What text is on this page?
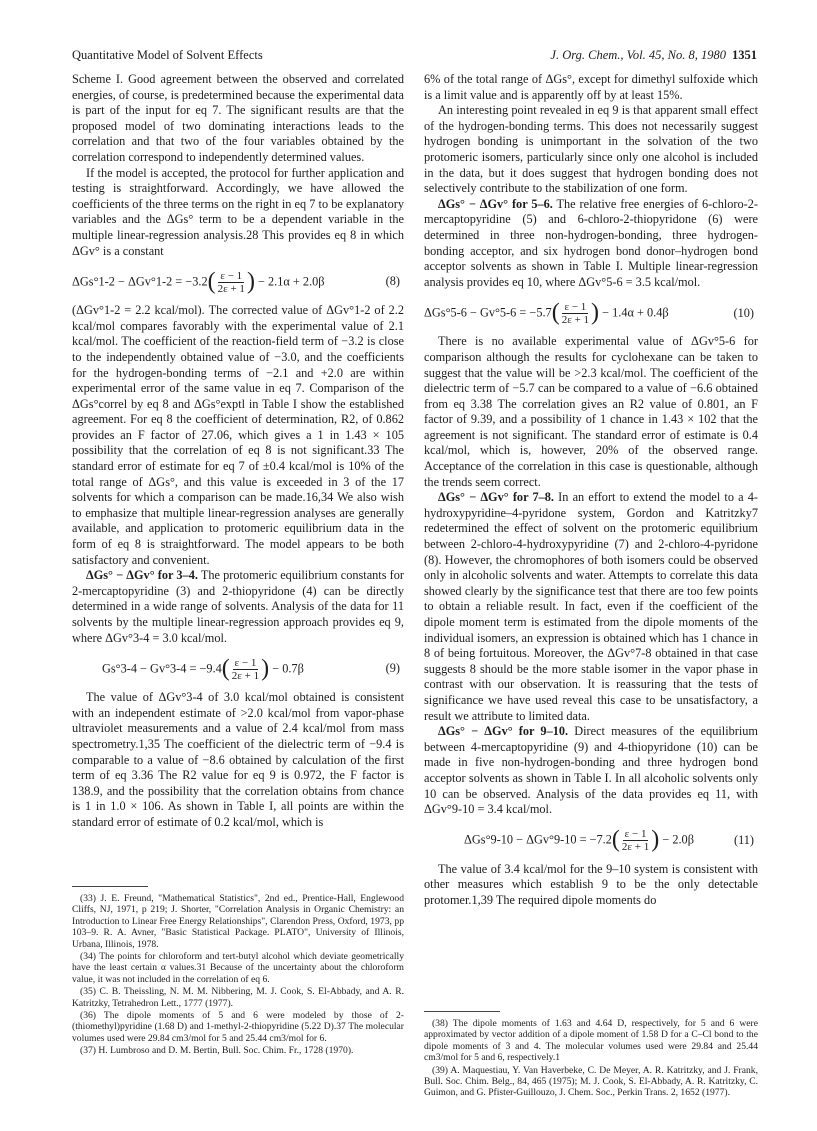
Quantitative Model of Solvent Effects	J. Org. Chem., Vol. 45, No. 8, 1980 1351

Scheme I. Good agreement between the observed and correlated energies, of course, is predetermined because the experimental data is part of the input for eq 7. The significant results are that the proposed model of two dominating interactions leads to the correlation and that two of the four variables obtained by the correlation correspond to independently determined values.

If the model is accepted, the protocol for further application and testing is straightforward. Accordingly, we have allowed the coefficients of the three terms on the right in eq 7 to be explanatory variables and the ΔGs° term to be a dependent variable in the multiple linear-regression analysis.28 This provides eq 8 in which ΔGv° is a constant

$\Delta Gs^\circ 1-2 - \Delta Gv^\circ 1-2 = -3.2( \frac{\varepsilon - 1}{2\varepsilon + 1}$ ) − 2.1α + 2.0β	(8)

(ΔGv°1-2 = 2.2 kcal/mol). The corrected value of ΔGv°1-2 of 2.2 kcal/mol compares favorably with the experimental value of 2.1 kcal/mol. The coefficient of the reaction-field term of −3.2 is close to the independently obtained value of −3.0, and the coefficients for the hydrogen-bonding terms of −2.1 and +2.0 are within experimental error of the same value in eq 7. Comparison of the ΔGs°correl by eq 8 and ΔGs°exptl in Table I show the established agreement. For eq 8 the coefficient of determination, R2, of 0.862 provides an F factor of 27.06, which gives a 1 in 1.43 × 105 possibility that the correlation of eq 8 is not significant.33 The standard error of estimate for eq 7 of ±0.4 kcal/mol is 10% of the total range of ΔGs°, and this value is exceeded in 3 of the 17 solvents for which a comparison can be made.16,34 We also wish to emphasize that multiple linear-regression analyses are generally available, and application to protomeric equilibrium data in the form of eq 8 is straightforward. The model appears to be both satisfactory and convenient.

ΔGs° − ΔGv° for 3–4. The protomeric equilibrium constants for 2-mercaptopyridine (3) and 2-thiopyridone (4) can be directly determined in a wide range of solvents. Analysis of the data for 11 solvents by the multiple linear-regression approach provides eq 9, where ΔGv°3-4 = 3.0 kcal/mol.

$Gs^\circ 3-4 - Gv^\circ 3-4 = -9.4( \frac{\varepsilon - 1}{2\varepsilon + 1}$ ) − 0.7β	(9)

The value of ΔGv°3-4 of 3.0 kcal/mol obtained is consistent with an independent estimate of >2.0 kcal/mol from vapor-phase ultraviolet measurements and a value of 2.4 kcal/mol from mass spectrometry.1,35 The coefficient of the dielectric term of −9.4 is comparable to a value of −8.6 obtained by calculation of the first term of eq 3.36 The R2 value for eq 9 is 0.972, the F factor is 138.9, and the possibility that the correlation obtains from chance is 1 in 1.0 × 106. As shown in Table I, all points are within the standard error of estimate of 0.2 kcal/mol, which is

6% of the total range of ΔGs°, except for dimethyl sulfoxide which is a limit value and is apparently off by at least 15%.

An interesting point revealed in eq 9 is that apparent small effect of the hydrogen-bonding terms. This does not necessarily suggest hydrogen bonding is unimportant in the solvation of the two protomeric isomers, particularly since only one alcohol is included in the data, but it does suggest that hydrogen bonding does not selectively contribute to the stabilization of one form.

ΔGs° − ΔGv° for 5–6. The relative free energies of 6-chloro-2-mercaptopyridine (5) and 6-chloro-2-thiopyridone (6) were determined in three non-hydrogen-bonding, three hydrogen-bonding acceptor, and six hydrogen bond donor–hydrogen bond acceptor solvents as shown in Table I. Multiple linear-regression analysis provides eq 10, where ΔGv°5-6 = 3.5 kcal/mol.

$\Delta Gs^\circ 5-6 - Gv^\circ 5-6 = -5.7( \frac{\varepsilon - 1}{2\varepsilon + 1}$ ) − 1.4α + 0.4β	(10)

There is no available experimental value of ΔGv°5-6 for comparison although the results for cyclohexane can be taken to suggest that the value will be >2.3 kcal/mol. The coefficient of the dielectric term of −5.7 can be compared to a value of −6.6 obtained from eq 3.38 The correlation gives an R2 value of 0.801, an F factor of 9.39, and a possibility of 1 chance in 1.43 × 102 that the agreement is not significant. The standard error of estimate is 0.4 kcal/mol, which is, however, 20% of the observed range. Acceptance of the correlation in this case is questionable, although the trends seem correct.

ΔGs° − ΔGv° for 7–8. In an effort to extend the model to a 4-hydroxypyridine–4-pyridone system, Gordon and Katritzky7 redetermined the effect of solvent on the protomeric equilibrium between 2-chloro-4-hydroxypyridine (7) and 2-chloro-4-pyridone (8). However, the chromophores of both isomers could be observed only in alcoholic solvents and water. Attempts to correlate this data showed clearly by the significance test that there are too few points to obtain a reliable result. In fact, even if the coefficient of the dipole moment term is estimated from the dipole moments of the individual isomers, an expression is obtained which has 1 chance in 8 of being fortuitous. Moreover, the ΔGv°7-8 obtained in that case suggests 8 should be the more stable isomer in the vapor phase in contrast with our observation. It is reassuring that the tests of significance we have used reveal this case to be unsatisfactory, a result we attribute to limited data.

ΔGs° − ΔGv° for 9–10. Direct measures of the equilibrium between 4-mercaptopyridine (9) and 4-thiopyridone (10) can be made in five non-hydrogen-bonding and three hydrogen bond acceptor solvents as shown in Table I. In all alcoholic solvents only 10 can be observed. Analysis of the data provides eq 11, with ΔGv°9-10 = 3.4 kcal/mol.

$\Delta Gs^\circ 9-10 - \Delta Gv^\circ 9-10 = -7.2( \frac{\varepsilon - 1}{2\varepsilon + 1}$ ) − 2.0β	(11)

The value of 3.4 kcal/mol for the 9–10 system is consistent with other measures which establish 9 to be the only detectable protomer.1,39 The required dipole moments do

(33) J. E. Freund, "Mathematical Statistics", 2nd ed., Prentice-Hall, Englewood Cliffs, NJ, 1971, p 219; J. Shorter, "Correlation Analysis in Organic Chemistry: an Introduction to Linear Free Energy Relationships", Clarendon Press, Oxford, 1973, pp 103–9. R. A. Avner, "Basic Statistical Package. PLATO", University of Illinois, Urbana, Illinois, 1978.

(34) The points for chloroform and tert-butyl alcohol which deviate geometrically have the least certain α values.31 Because of the uncertainty about the chloroform value, it was not included in the correlation of eq 6.

(35) C. B. Theissling, N. M. M. Nibbering, M. J. Cook, S. El-Abbady, and A. R. Katritzky, Tetrahedron Lett., 1777 (1977).

(36) The dipole moments of 5 and 6 were modeled by those of 2-(thiomethyl)pyridine (1.68 D) and 1-methyl-2-thiopyridine (5.22 D).37 The molecular volumes used were 29.84 cm3/mol for 5 and 25.44 cm3/mol for 6.

(37) H. Lumbroso and D. M. Bertin, Bull. Soc. Chim. Fr., 1728 (1970).

(38) The dipole moments of 1.63 and 4.64 D, respectively, for 5 and 6 were approximated by vector addition of a dipole moment of 1.58 D for a C–Cl bond to the dipole moments of 3 and 4. The molecular volumes used were 29.84 and 25.44 cm3/mol for 5 and 6, respectively.1

(39) A. Maquestiau, Y. Van Haverbeke, C. De Meyer, A. R. Katritzky, and J. Frank, Bull. Soc. Chim. Belg., 84, 465 (1975); M. J. Cook, S. El-Abbady, A. R. Katritzky, C. Guimon, and G. Pfister-Guillouzo, J. Chem. Soc., Perkin Trans. 2, 1652 (1977).
